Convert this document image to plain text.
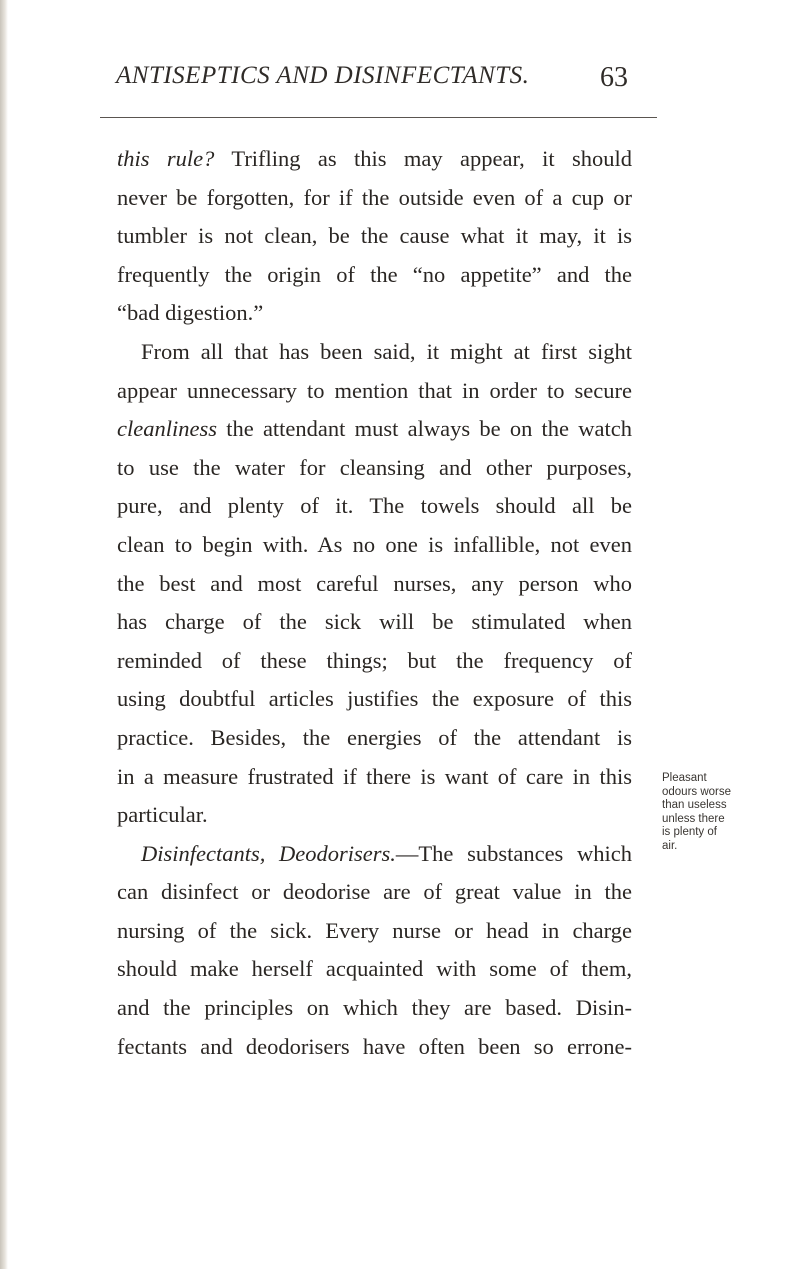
ANTISEPTICS AND DISINFECTANTS.	63
this rule? Trifling as this may appear, it should
never be forgotten, for if the outside even of a cup or
tumbler is not clean, be the cause what it may, it is
frequently the origin of the “no appetite” and the
“bad digestion.”
From all that has been said, it might at first sight
appear unnecessary to mention that in order to secure
cleanliness the attendant must always be on the watch
to use the water for cleansing and other purposes,
pure, and plenty of it. The towels should all be
clean to begin with. As no one is infallible, not even
the best and most careful nurses, any person who
has charge of the sick will be stimulated when
reminded of these things; but the frequency of
using doubtful articles justifies the exposure of this
practice. Besides, the energies of the attendant is
in a measure frustrated if there is want of care in this
particular.
Disinfectants, Deodorisers.—The substances which
can disinfect or deodorise are of great value in the
nursing of the sick. Every nurse or head in charge
should make herself acquainted with some of them,
and the principles on which they are based. Disin-
fectants and deodorisers have often been so errone-
Pleasant
odours worse
than useless
unless there
is plenty of
air.
